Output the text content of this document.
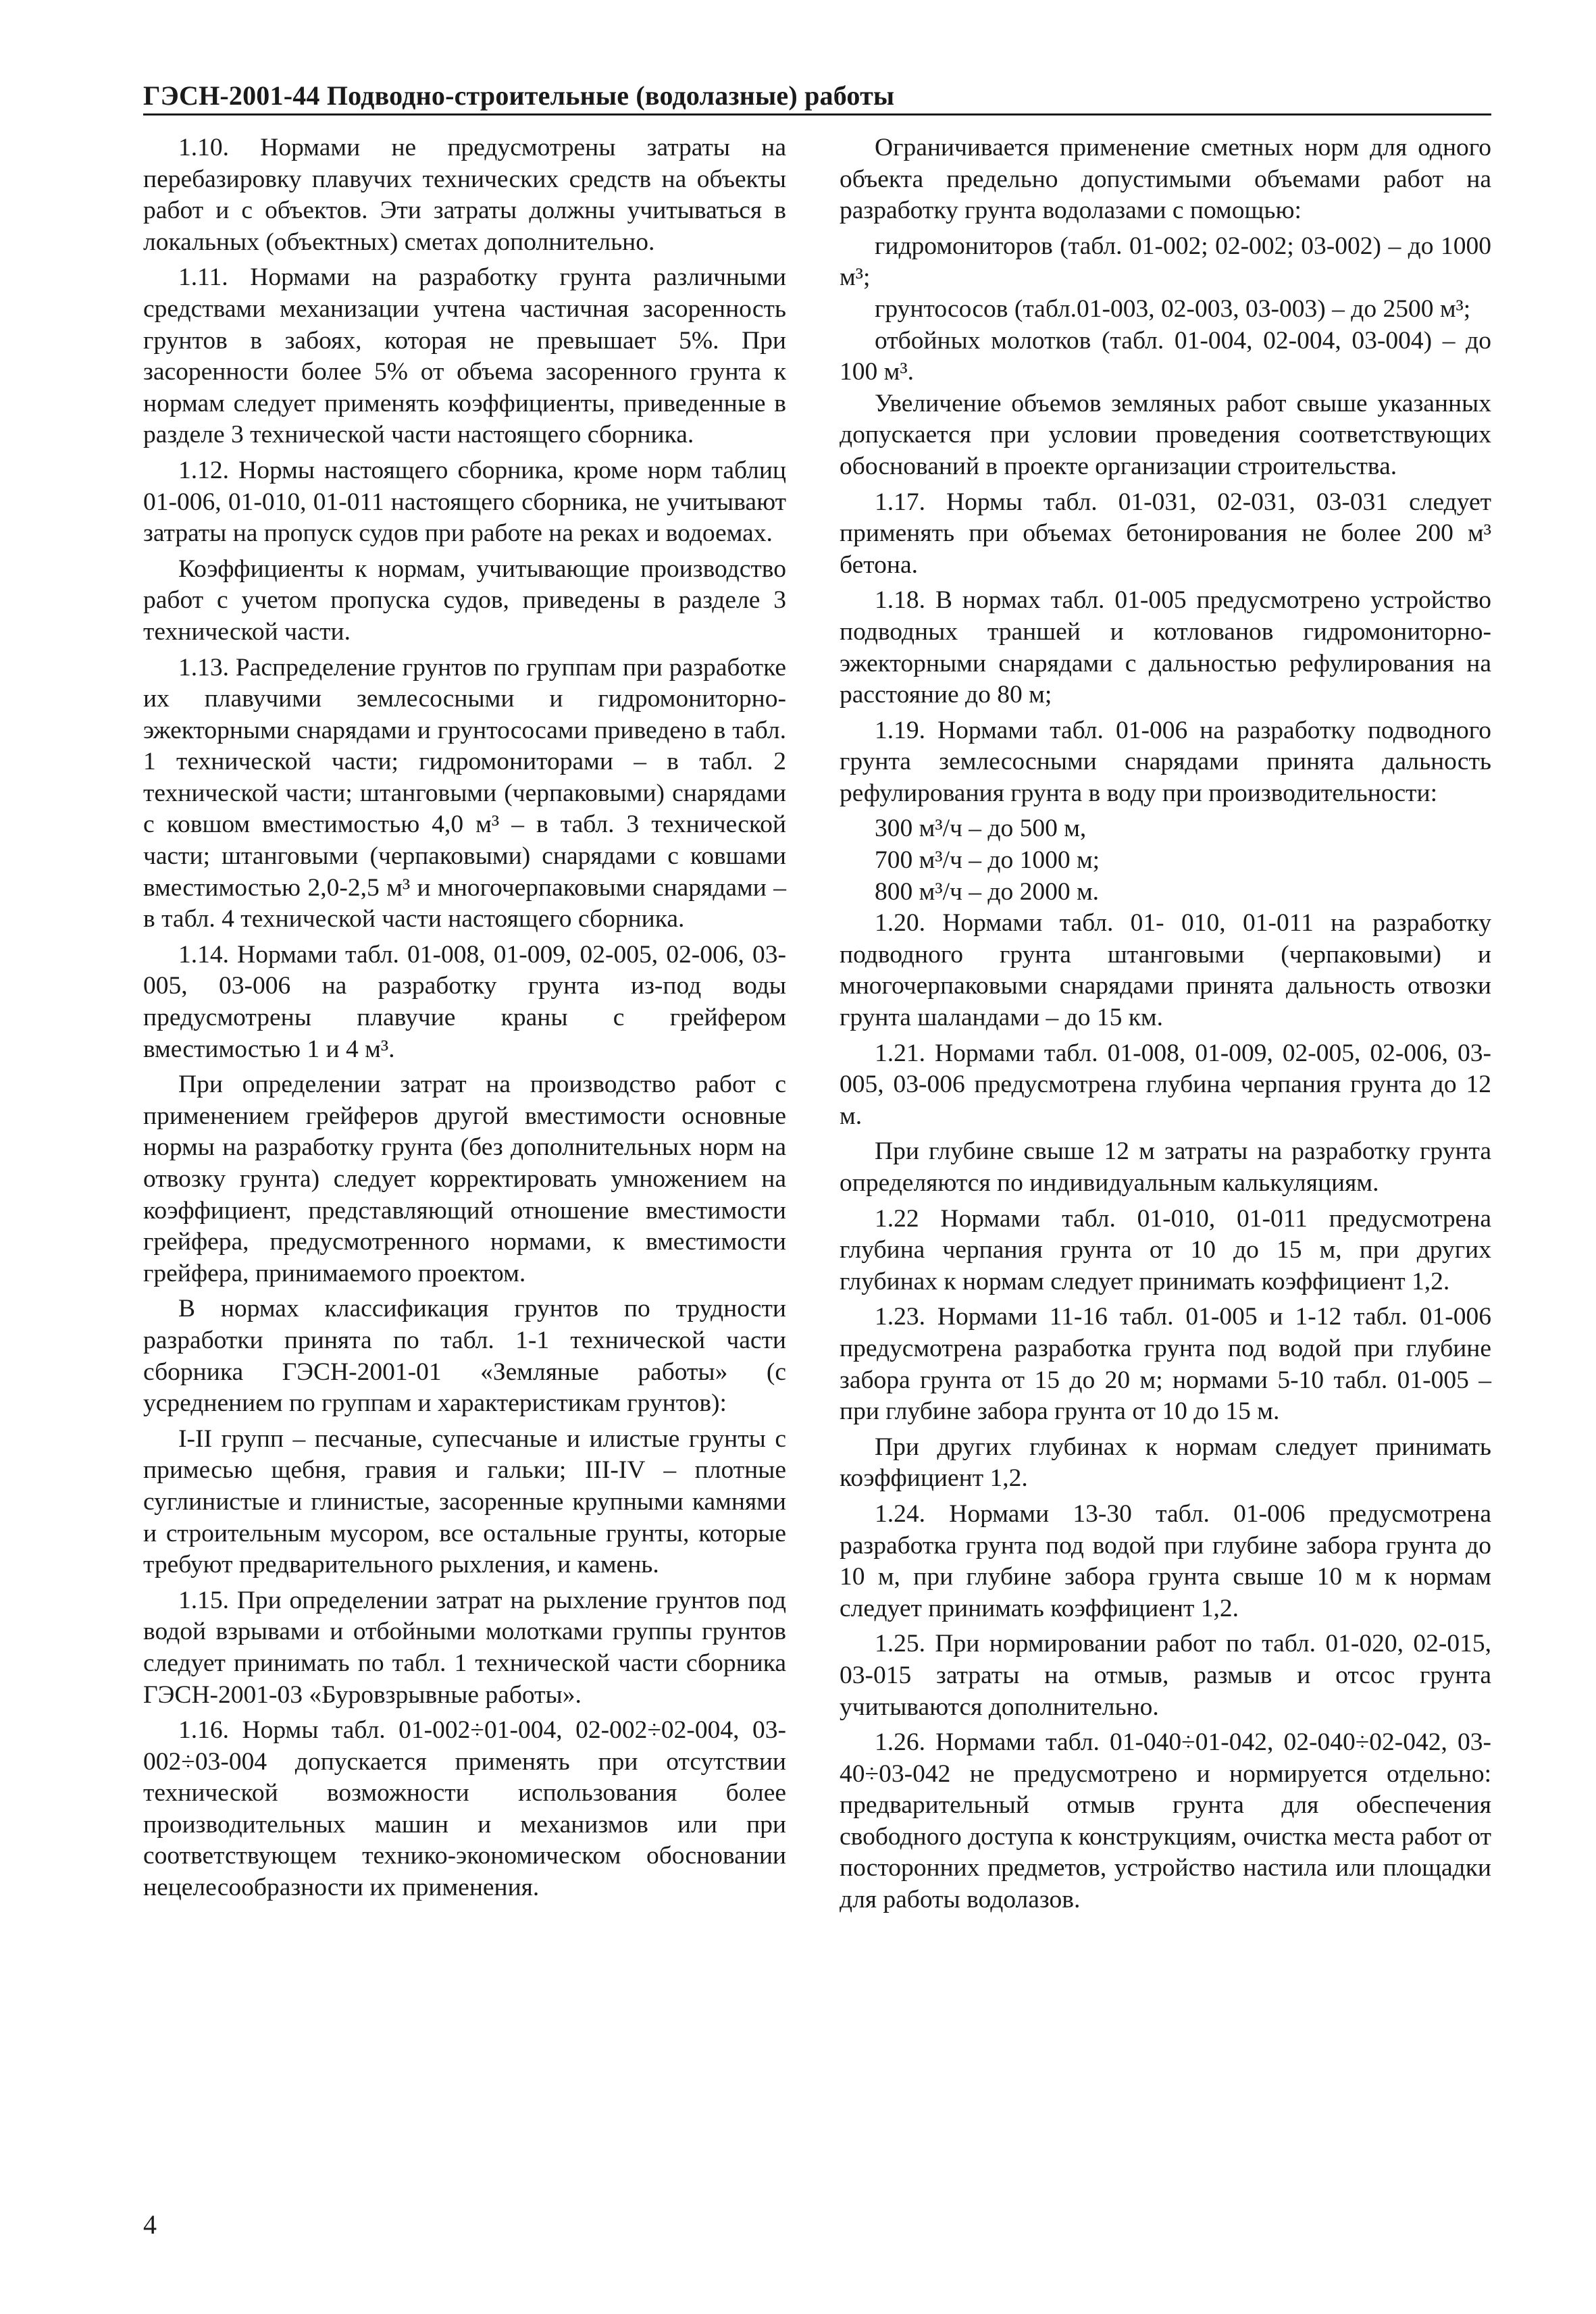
ГЭСН-2001-44 Подводно-строительные (водолазные) работы

1.10. Нормами не предусмотрены затраты на перебазировку плавучих технических средств на объекты работ и с объектов. Эти затраты должны учитываться в локальных (объектных) сметах дополнительно.

1.11. Нормами на разработку грунта различными средствами механизации учтена частичная засоренность грунтов в забоях, которая не превышает 5%. При засоренности более 5% от объема засоренного грунта к нормам следует применять коэффициенты, приведенные в разделе 3 технической части настоящего сборника.

1.12. Нормы настоящего сборника, кроме норм таблиц 01-006, 01-010, 01-011 настоящего сборника, не учитывают затраты на пропуск судов при работе на реках и водоемах.

Коэффициенты к нормам, учитывающие производство работ с учетом пропуска судов, приведены в разделе 3 технической части.

1.13. Распределение грунтов по группам при разработке их плавучими землесосными и гидромониторно-эжекторными снарядами и грунтососами приведено в табл. 1 технической части; гидромониторами – в табл. 2 технической части; штанговыми (черпаковыми) снарядами с ковшом вместимостью 4,0 м³ – в табл. 3 технической части; штанговыми (черпаковыми) снарядами с ковшами вместимостью 2,0-2,5 м³ и многочерпаковыми снарядами – в табл. 4 технической части настоящего сборника.

1.14. Нормами табл. 01-008, 01-009, 02-005, 02-006, 03-005, 03-006 на разработку грунта из-под воды предусмотрены плавучие краны с грейфером вместимостью 1 и 4 м³.

При определении затрат на производство работ с применением грейферов другой вместимости основные нормы на разработку грунта (без дополнительных норм на отвозку грунта) следует корректировать умножением на коэффициент, представляющий отношение вместимости грейфера, предусмотренного нормами, к вместимости грейфера, принимаемого проектом.

В нормах классификация грунтов по трудности разработки принята по табл. 1-1 технической части сборника ГЭСН-2001-01 «Земляные работы» (с усреднением по группам и характеристикам грунтов):

I-II групп – песчаные, супесчаные и илистые грунты с примесью щебня, гравия и гальки; III-IV – плотные суглинистые и глинистые, засоренные крупными камнями и строительным мусором, все остальные грунты, которые требуют предварительного рыхления, и камень.

1.15. При определении затрат на рыхление грунтов под водой взрывами и отбойными молотками группы грунтов следует принимать по табл. 1 технической части сборника ГЭСН-2001-03 «Буровзрывные работы».

1.16. Нормы табл. 01-002÷01-004, 02-002÷02-004, 03-002÷03-004 допускается применять при отсутствии технической возможности использования более производительных машин и механизмов или при соответствующем технико-экономическом обосновании нецелесообразности их применения.

Ограничивается применение сметных норм для одного объекта предельно допустимыми объемами работ на разработку грунта водолазами с помощью:

гидромониторов (табл. 01-002; 02-002; 03-002) – до 1000 м³;

грунтососов (табл.01-003, 02-003, 03-003) – до 2500 м³;

отбойных молотков (табл. 01-004, 02-004, 03-004) – до 100 м³.

Увеличение объемов земляных работ свыше указанных допускается при условии проведения соответствующих обоснований в проекте организации строительства.

1.17. Нормы табл. 01-031, 02-031, 03-031 следует применять при объемах бетонирования не более 200 м³ бетона.

1.18. В нормах табл. 01-005 предусмотрено устройство подводных траншей и котлованов гидромониторно-эжекторными снарядами с дальностью рефулирования на расстояние до 80 м;

1.19. Нормами табл. 01-006 на разработку подводного грунта землесосными снарядами принята дальность рефулирования грунта в воду при производительности:

300 м³/ч – до 500 м,

700 м³/ч – до 1000 м;

800 м³/ч – до 2000 м.

1.20. Нормами табл. 01- 010, 01-011 на разработку подводного грунта штанговыми (черпаковыми) и многочерпаковыми снарядами принята дальность отвозки грунта шаландами – до 15 км.

1.21. Нормами табл. 01-008, 01-009, 02-005, 02-006, 03-005, 03-006 предусмотрена глубина черпания грунта до 12 м.

При глубине свыше 12 м затраты на разработку грунта определяются по индивидуальным калькуляциям.

1.22 Нормами табл. 01-010, 01-011 предусмотрена глубина черпания грунта от 10 до 15 м, при других глубинах к нормам следует принимать коэффициент 1,2.

1.23. Нормами 11-16 табл. 01-005 и 1-12 табл. 01-006 предусмотрена разработка грунта под водой при глубине забора грунта от 15 до 20 м; нормами 5-10 табл. 01-005 – при глубине забора грунта от 10 до 15 м.

При других глубинах к нормам следует принимать коэффициент 1,2.

1.24. Нормами 13-30 табл. 01-006 предусмотрена разработка грунта под водой при глубине забора грунта до 10 м, при глубине забора грунта свыше 10 м к нормам следует принимать коэффициент 1,2.

1.25. При нормировании работ по табл. 01-020, 02-015, 03-015 затраты на отмыв, размыв и отсос грунта учитываются дополнительно.

1.26. Нормами табл. 01-040÷01-042, 02-040÷02-042, 03-40÷03-042 не предусмотрено и нормируется отдельно: предварительный отмыв грунта для обеспечения свободного доступа к конструкциям, очистка места работ от посторонних предметов, устройство настила или площадки для работы водолазов.

4
